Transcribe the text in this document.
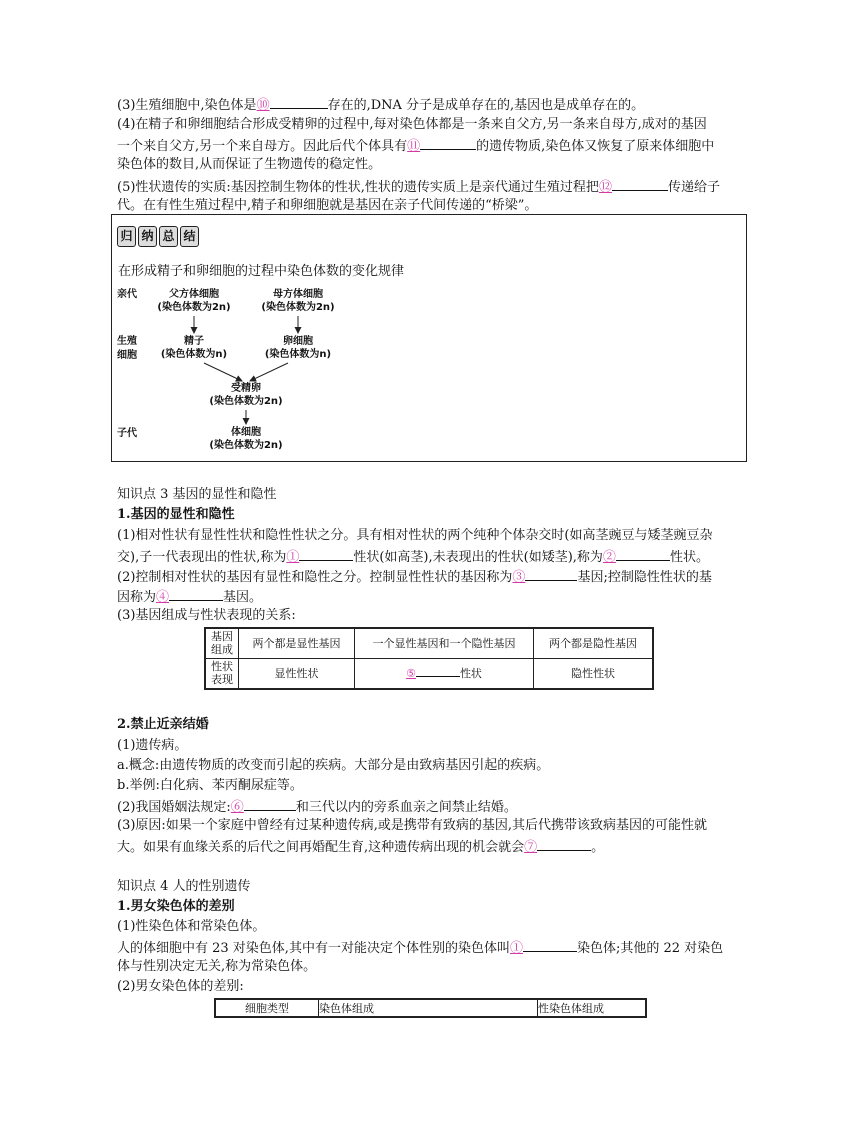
(3)生殖细胞中,染色体是⑩	存在的,DNA 分子是成单存在的,基因也是成单存在的。
(4)在精子和卵细胞结合形成受精卵的过程中,每对染色体都是一条来自父方,另一条来自母方,成对的基因
一个来自父方,另一个来自母方。因此后代个体具有⑪	的遗传物质,染色体又恢复了原来体细胞中
染色体的数目,从而保证了生物遗传的稳定性。
(5)性状遗传的实质:基因控制生物体的性状,性状的遗传实质上是亲代通过生殖过程把⑫	传递给子
代。在有性生殖过程中,精子和卵细胞就是基因在亲子代间传递的“桥梁”。
归 纳 总 结
在形成精子和卵细胞的过程中染色体数的变化规律
亲代
生殖
细胞
子代
父方体细胞
(染色体数为2n)
母方体细胞
(染色体数为2n)
精子
(染色体数为n)
卵细胞
(染色体数为n)
受精卵
(染色体数为2n)
体细胞
(染色体数为2n)
知识点 3 基因的显性和隐性
1.基因的显性和隐性
(1)相对性状有显性性状和隐性性状之分。具有相对性状的两个纯种个体杂交时(如高茎豌豆与矮茎豌豆杂
交),子一代表现出的性状,称为①	性状(如高茎),未表现出的性状(如矮茎),称为②	性状。
(2)控制相对性状的基因有显性和隐性之分。控制显性性状的基因称为③	基因;控制隐性性状的基
因称为④	基因。
(3)基因组成与性状表现的关系:
基因
组成	两个都是显性基因	一个显性基因和一个隐性基因	两个都是隐性基因
性状
表现	显性性状	⑤ 性状	隐性性状
2.禁止近亲结婚
(1)遗传病。
a.概念:由遗传物质的改变而引起的疾病。大部分是由致病基因引起的疾病。
b.举例:白化病、苯丙酮尿症等。
(2)我国婚姻法规定:⑥	和三代以内的旁系血亲之间禁止结婚。
(3)原因:如果一个家庭中曾经有过某种遗传病,或是携带有致病的基因,其后代携带该致病基因的可能性就
大。如果有血缘关系的后代之间再婚配生育,这种遗传病出现的机会就会⑦	。
知识点 4 人的性别遗传
1.男女染色体的差别
(1)性染色体和常染色体。
人的体细胞中有 23 对染色体,其中有一对能决定个体性别的染色体叫①	染色体;其他的 22 对染色
体与性别决定无关,称为常染色体。
(2)男女染色体的差别:
细胞类型	染色体组成	性染色体组成
